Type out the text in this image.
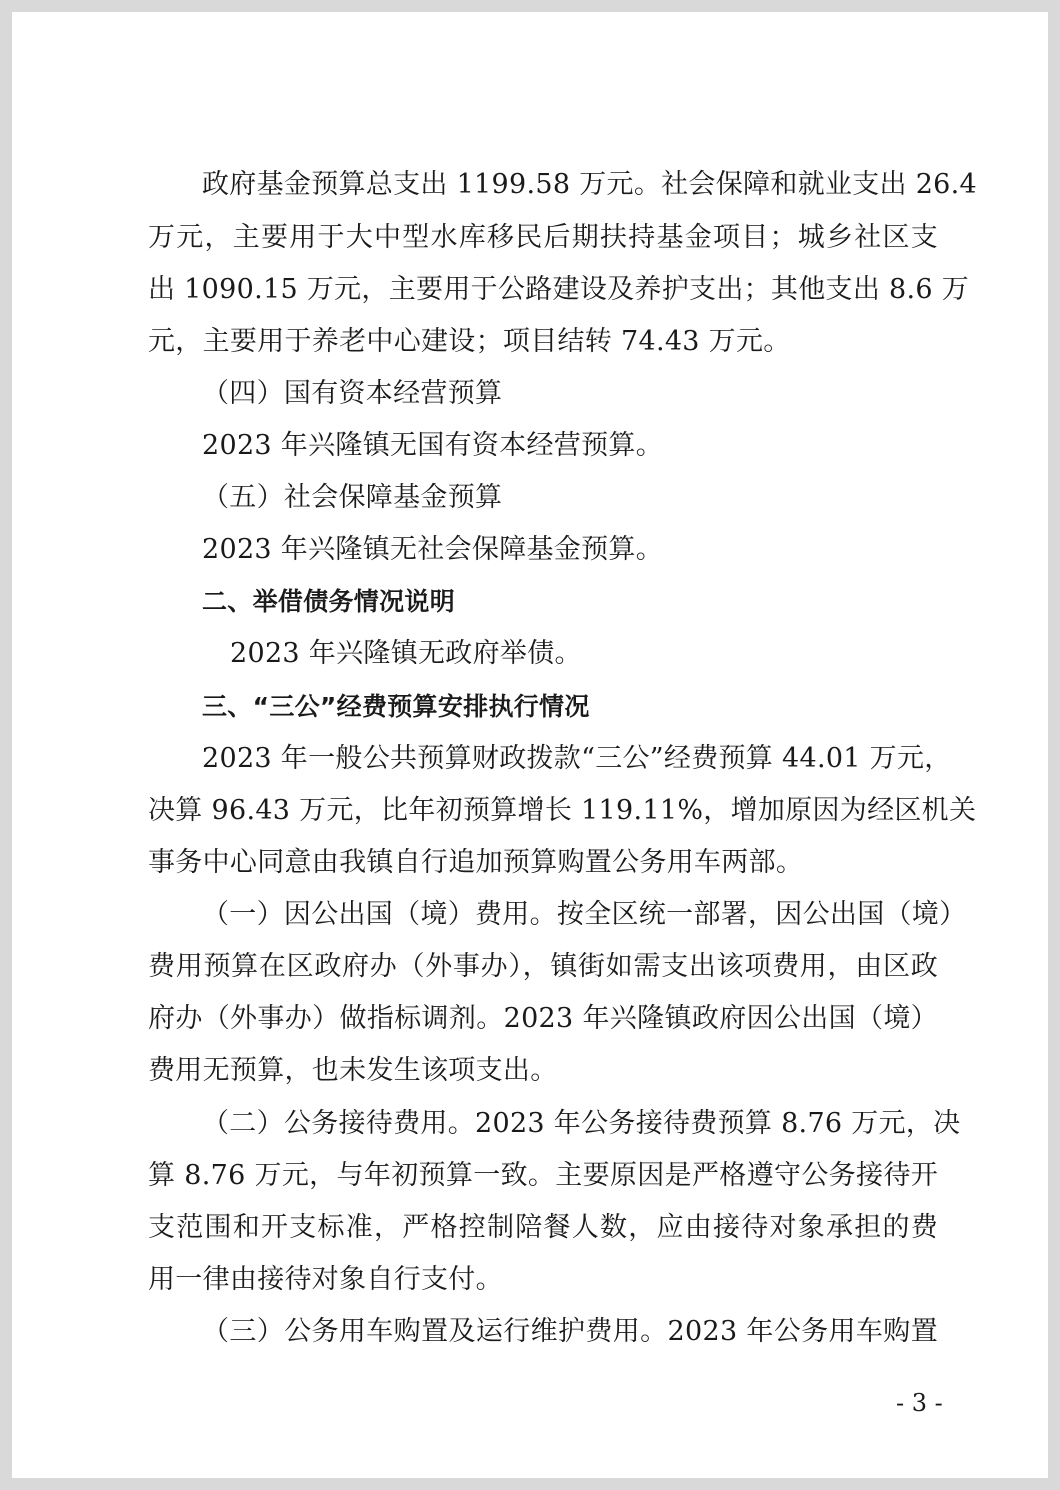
政府基金预算总支出 1199.58 万元。社会保障和就业支出 26.4
万元，主要用于大中型水库移民后期扶持基金项目；城乡社区支
出 1090.15 万元，主要用于公路建设及养护支出；其他支出 8.6 万
元，主要用于养老中心建设；项目结转 74.43 万元。
（四）国有资本经营预算
2023 年兴隆镇无国有资本经营预算。
（五）社会保障基金预算
2023 年兴隆镇无社会保障基金预算。
二、举借债务情况说明
2023 年兴隆镇无政府举债。
三、“三公”经费预算安排执行情况
2023 年一般公共预算财政拨款“三公”经费预算 44.01 万元，
决算 96.43 万元，比年初预算增长 119.11%，增加原因为经区机关
事务中心同意由我镇自行追加预算购置公务用车两部。
（一）因公出国（境）费用。按全区统一部署，因公出国（境）
费用预算在区政府办（外事办），镇街如需支出该项费用，由区政
府办（外事办）做指标调剂。2023 年兴隆镇政府因公出国（境）
费用无预算，也未发生该项支出。
（二）公务接待费用。2023 年公务接待费预算 8.76 万元，决
算 8.76 万元，与年初预算一致。主要原因是严格遵守公务接待开
支范围和开支标准，严格控制陪餐人数，应由接待对象承担的费
用一律由接待对象自行支付。
（三）公务用车购置及运行维护费用。2023 年公务用车购置
- 3 -
